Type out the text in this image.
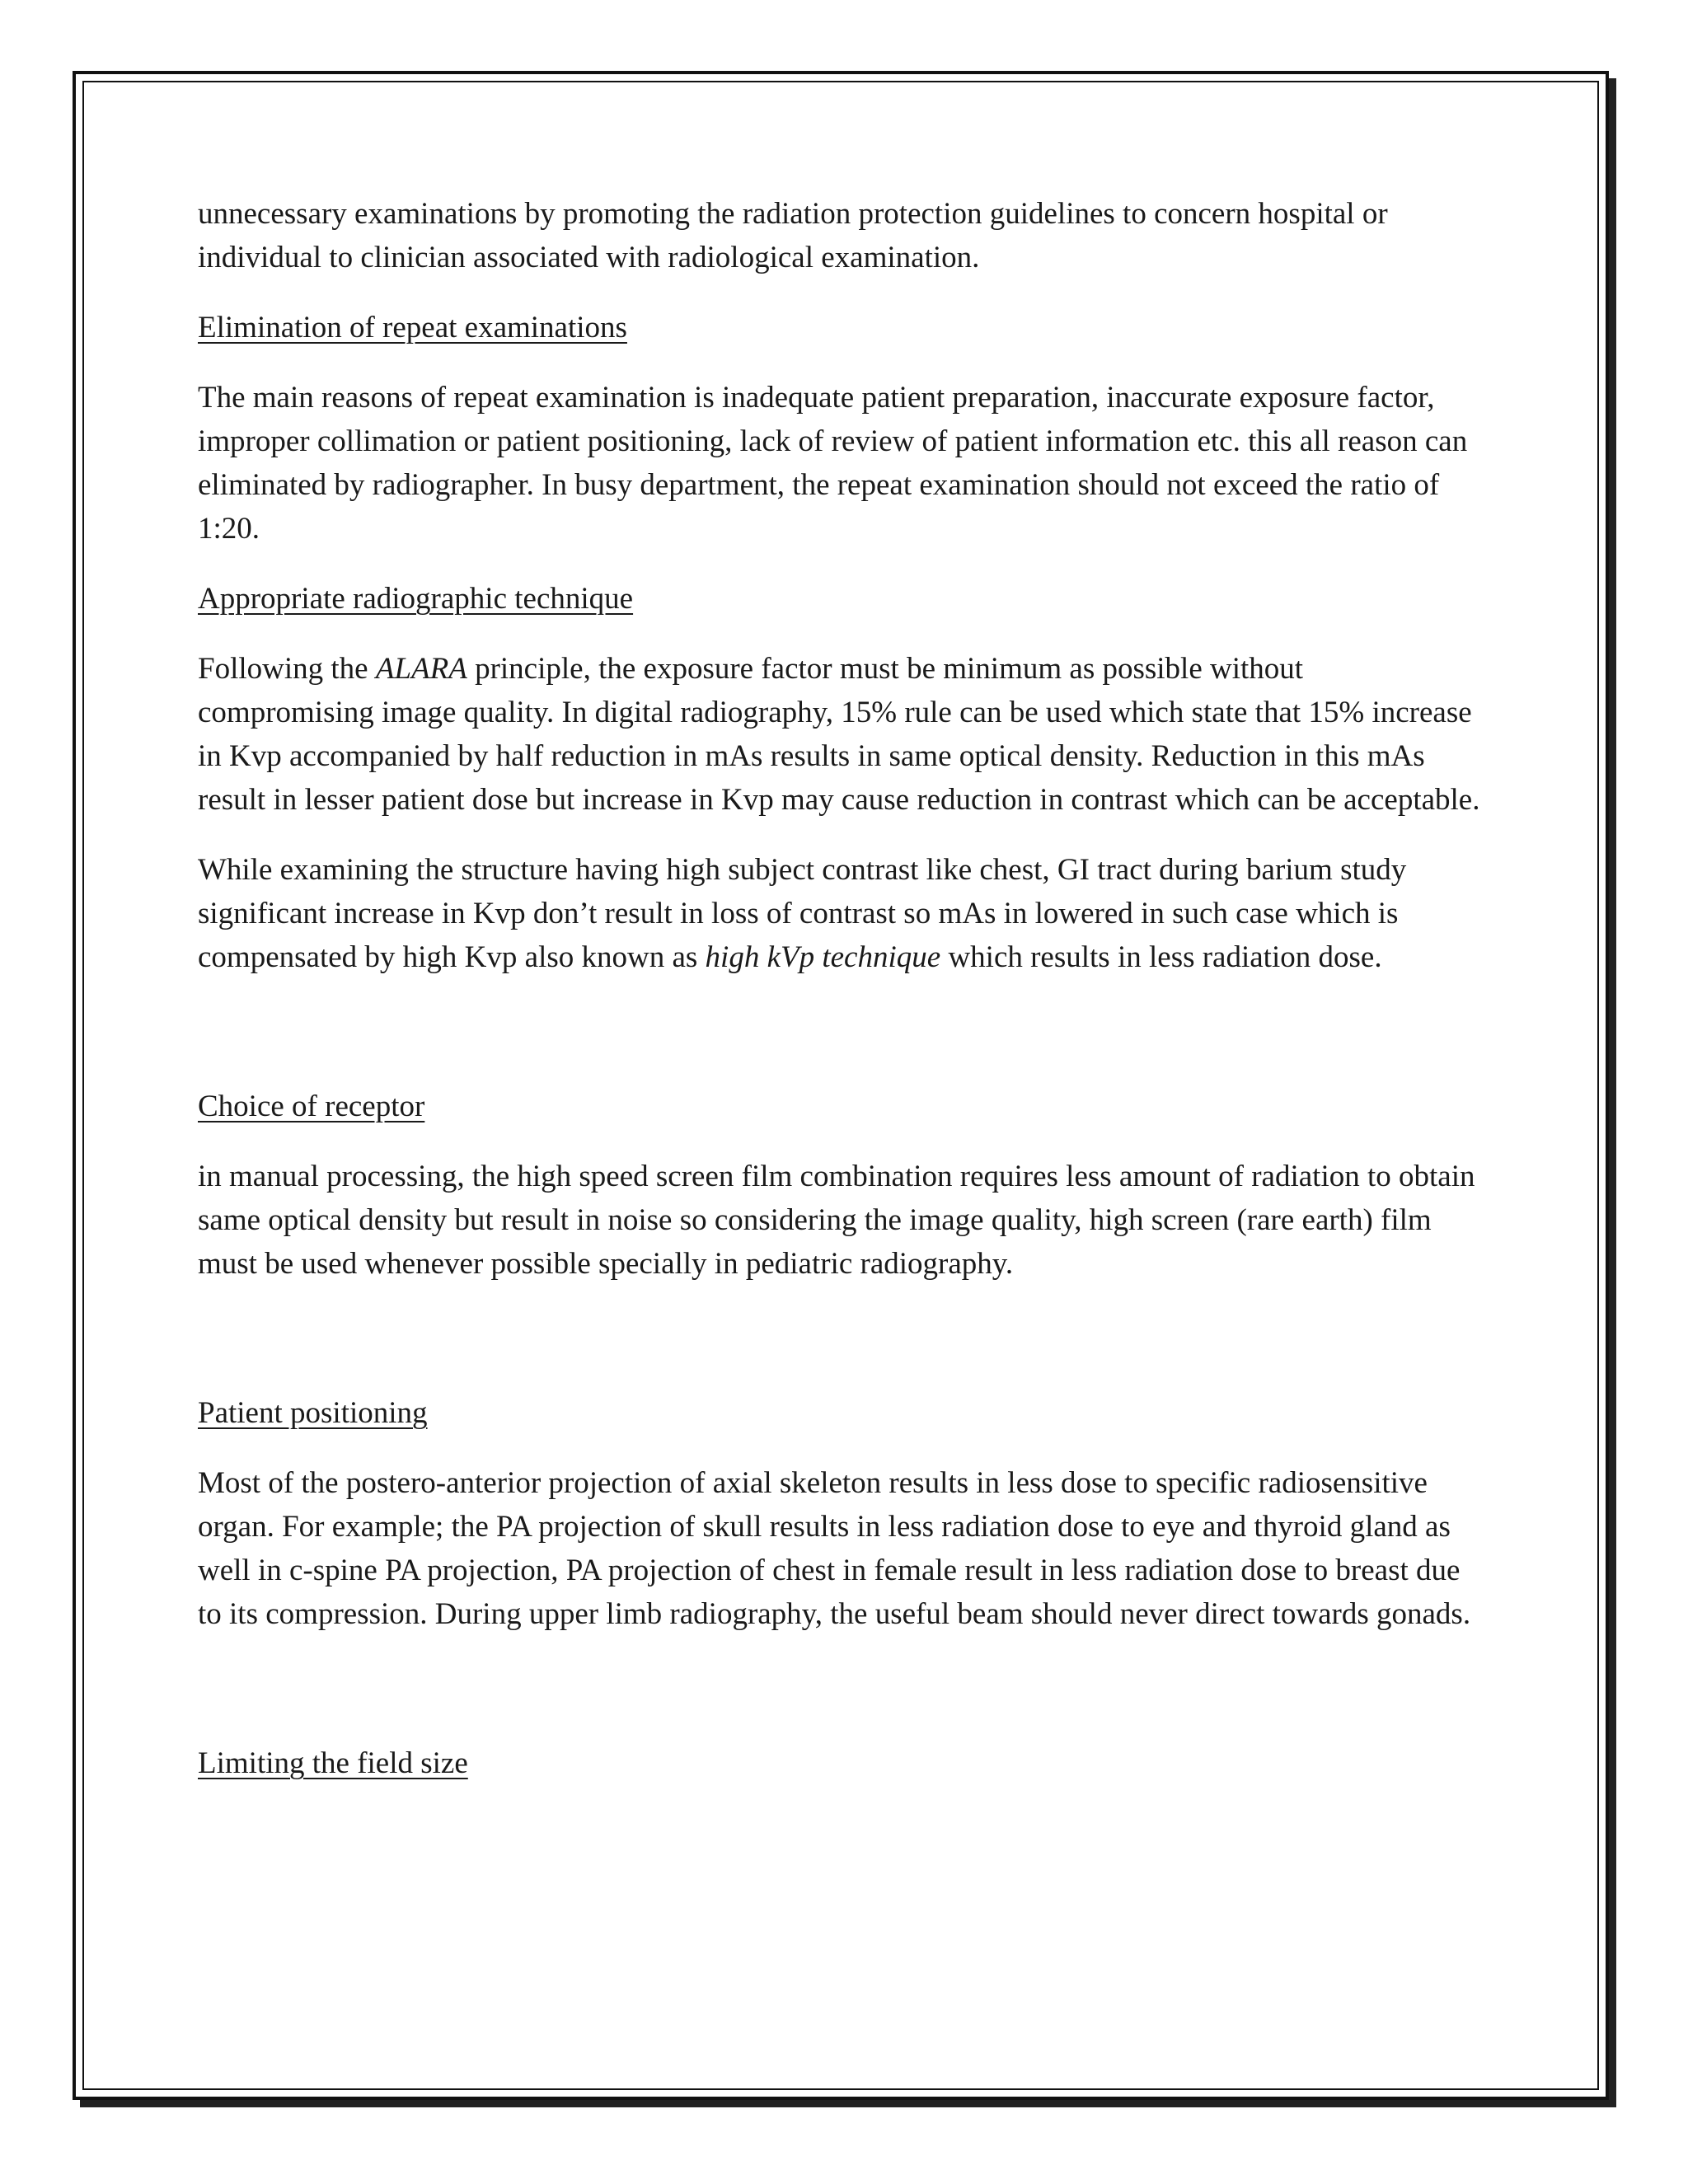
unnecessary examinations by promoting the radiation protection guidelines to concern hospital or individual to clinician associated with radiological examination.

Elimination of repeat examinations

The main reasons of repeat examination is inadequate patient preparation, inaccurate exposure factor, improper collimation or patient positioning, lack of review of patient information etc. this all reason can eliminated by radiographer. In busy department, the repeat examination should not exceed the ratio of 1:20.

Appropriate radiographic technique

Following the ALARA principle, the exposure factor must be minimum as possible without compromising image quality. In digital radiography, 15% rule can be used which state that 15% increase in Kvp accompanied by half reduction in mAs results in same optical density. Reduction in this mAs result in lesser patient dose but increase in Kvp may cause reduction in contrast which can be acceptable.

While examining the structure having high subject contrast like chest, GI tract during barium study significant increase in Kvp don’t result in loss of contrast so mAs in lowered in such case which is compensated by high Kvp also known as high kVp technique which results in less radiation dose.

Choice of receptor

in manual processing, the high speed screen film combination requires less amount of radiation to obtain same optical density but result in noise so considering the image quality, high screen (rare earth) film must be used whenever possible specially in pediatric radiography.

Patient positioning

Most of the postero-anterior projection of axial skeleton results in less dose to specific radiosensitive organ. For example; the PA projection of skull results in less radiation dose to eye and thyroid gland as well in c-spine PA projection, PA projection of chest in female result in less radiation dose to breast due to its compression. During upper limb radiography, the useful beam should never direct towards gonads.

Limiting the field size
